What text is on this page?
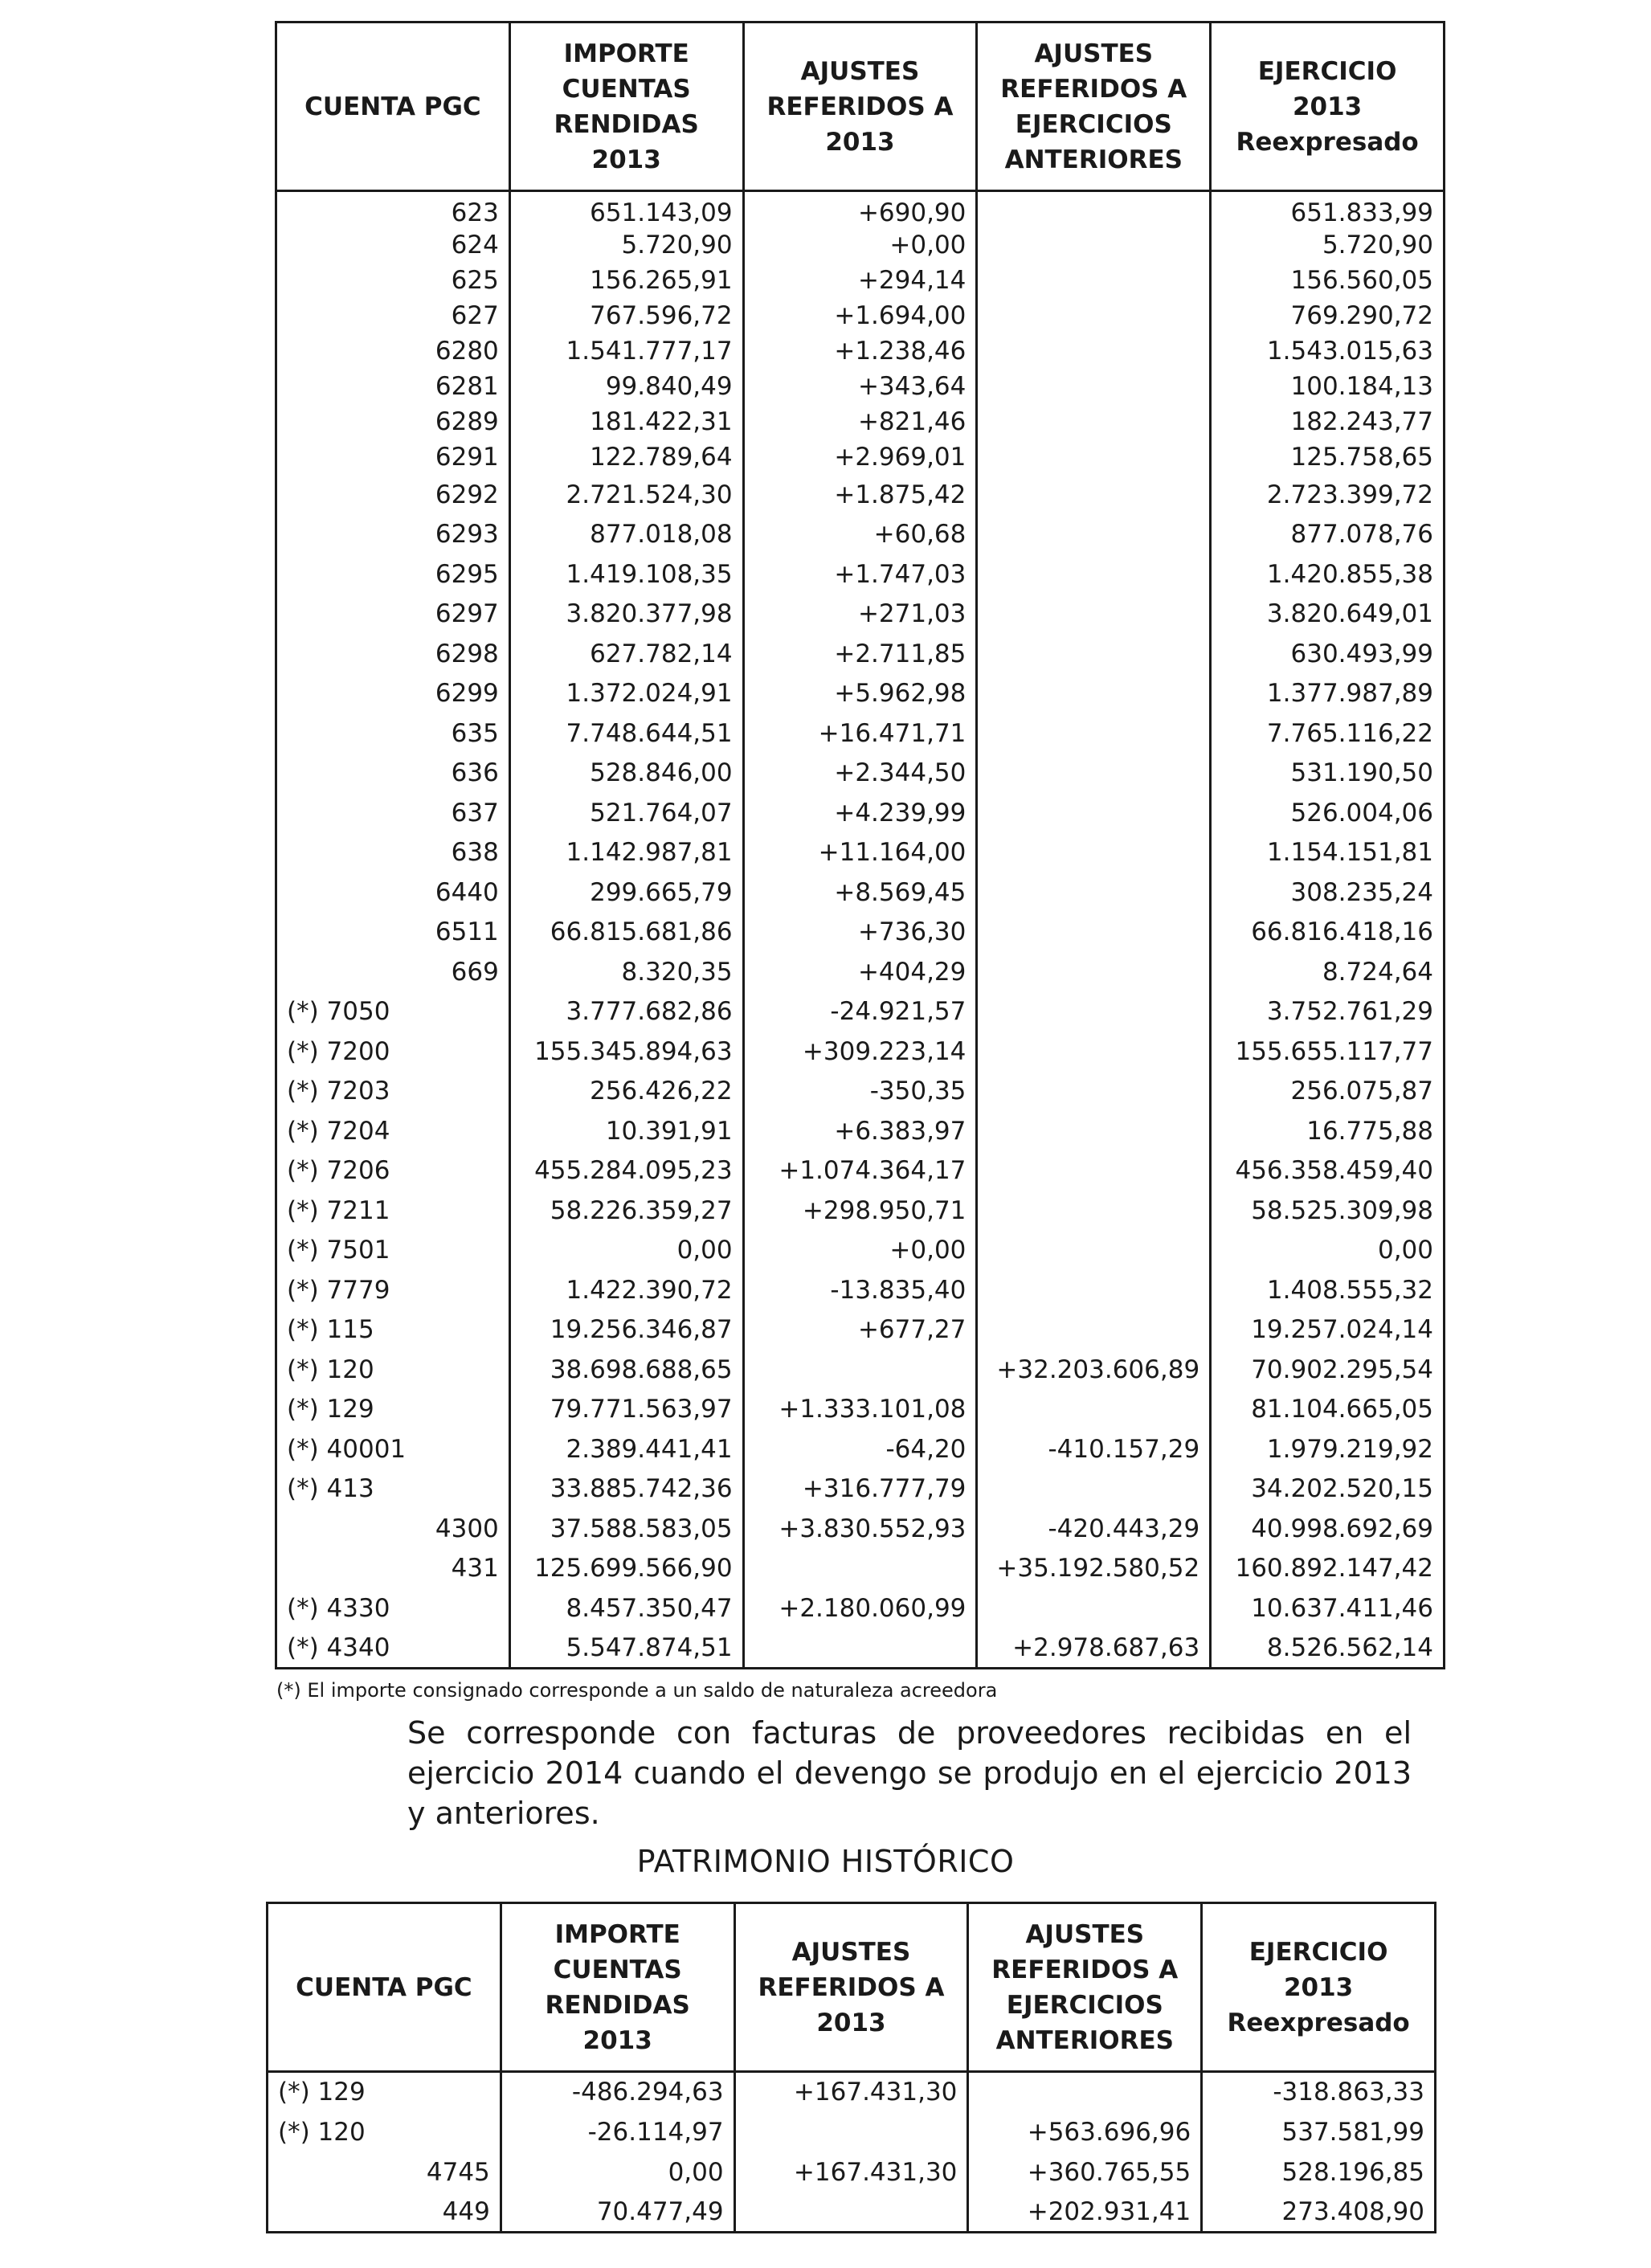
CUENTA PGC	IMPORTE CUENTAS RENDIDAS 2013	AJUSTES REFERIDOS A 2013	AJUSTES REFERIDOS A EJERCICIOS ANTERIORES	EJERCICIO 2013
Reexpresado
623	651.143,09	+690,90		651.833,99
624	5.720,90	+0,00		5.720,90
625	156.265,91	+294,14		156.560,05
627	767.596,72	+1.694,00		769.290,72
6280	1.541.777,17	+1.238,46		1.543.015,63
6281	99.840,49	+343,64		100.184,13
6289	181.422,31	+821,46		182.243,77
6291	122.789,64	+2.969,01		125.758,65
6292	2.721.524,30	+1.875,42		2.723.399,72
6293	877.018,08	+60,68		877.078,76
6295	1.419.108,35	+1.747,03		1.420.855,38
6297	3.820.377,98	+271,03		3.820.649,01
6298	627.782,14	+2.711,85		630.493,99
6299	1.372.024,91	+5.962,98		1.377.987,89
635	7.748.644,51	+16.471,71		7.765.116,22
636	528.846,00	+2.344,50		531.190,50
637	521.764,07	+4.239,99		526.004,06
638	1.142.987,81	+11.164,00		1.154.151,81
6440	299.665,79	+8.569,45		308.235,24
6511	66.815.681,86	+736,30		66.816.418,16
669	8.320,35	+404,29		8.724,64
(*) 7050	3.777.682,86	-24.921,57		3.752.761,29
(*) 7200	155.345.894,63	+309.223,14		155.655.117,77
(*) 7203	256.426,22	-350,35		256.075,87
(*) 7204	10.391,91	+6.383,97		16.775,88
(*) 7206	455.284.095,23	+1.074.364,17		456.358.459,40
(*) 7211	58.226.359,27	+298.950,71		58.525.309,98
(*) 7501	0,00	+0,00		0,00
(*) 7779	1.422.390,72	-13.835,40		1.408.555,32
(*) 115	19.256.346,87	+677,27		19.257.024,14
(*) 120	38.698.688,65		+32.203.606,89	70.902.295,54
(*) 129	79.771.563,97	+1.333.101,08		81.104.665,05
(*) 40001	2.389.441,41	-64,20	-410.157,29	1.979.219,92
(*) 413	33.885.742,36	+316.777,79		34.202.520,15
4300	37.588.583,05	+3.830.552,93	-420.443,29	40.998.692,69
431	125.699.566,90		+35.192.580,52	160.892.147,42
(*) 4330	8.457.350,47	+2.180.060,99		10.637.411,46
(*) 4340	5.547.874,51		+2.978.687,63	8.526.562,14
(*) El importe consignado corresponde a un saldo de naturaleza acreedora
Se corresponde con facturas de proveedores recibidas en el ejercicio 2014 cuando el devengo se produjo en el ejercicio 2013 y anteriores.
PATRIMONIO HISTÓRICO
CUENTA PGC	IMPORTE CUENTAS RENDIDAS 2013	AJUSTES REFERIDOS A 2013	AJUSTES REFERIDOS A EJERCICIOS ANTERIORES	EJERCICIO 2013
Reexpresado
(*) 129	-486.294,63	+167.431,30		-318.863,33
(*) 120	-26.114,97		+563.696,96	537.581,99
4745	0,00	+167.431,30	+360.765,55	528.196,85
449	70.477,49		+202.931,41	273.408,90
